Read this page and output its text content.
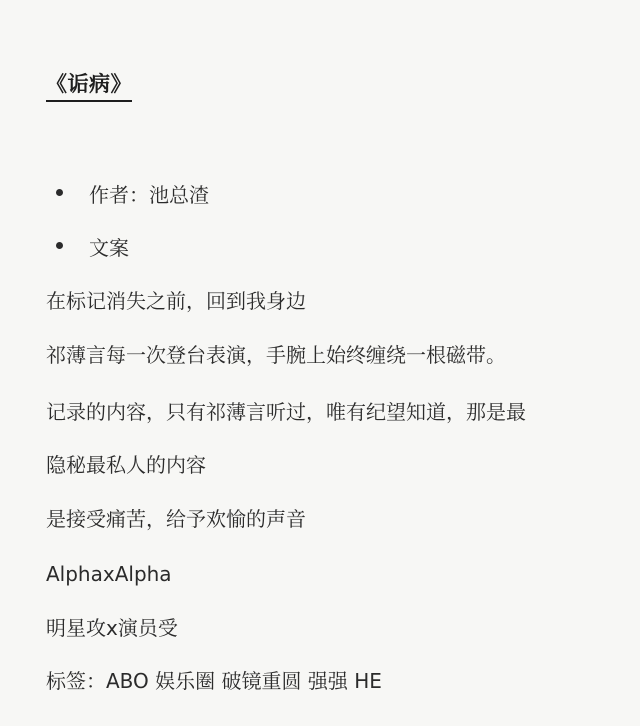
《诟病》
作者：池总渣
文案
在标记消失之前，回到我身边
祁薄言每一次登台表演，手腕上始终缠绕一根磁带。
记录的内容，只有祁薄言听过，唯有纪望知道，那是最
隐秘最私人的内容
是接受痛苦，给予欢愉的声音
AlphaxAlpha
明星攻x演员受
标签：ABO 娱乐圈 破镜重圆 强强 HE
